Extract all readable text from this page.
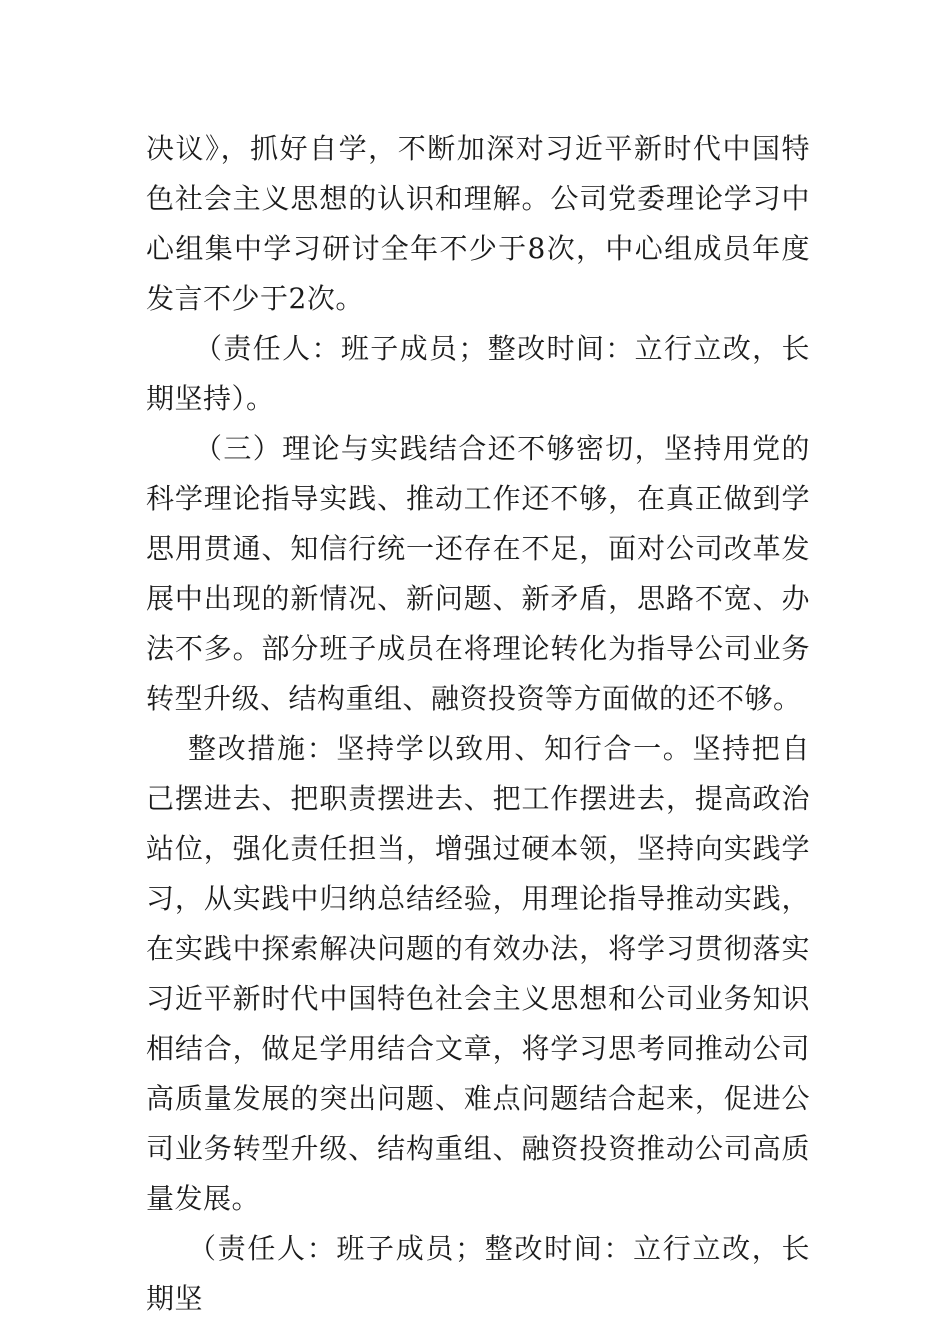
决议》，抓好自学，不断加深对习近平新时代中国特色社会主义思想的认识和理解。公司党委理论学习中心组集中学习研讨全年不少于8次，中心组成员年度发言不少于2次。

（责任人：班子成员；整改时间：立行立改，长期坚持）。

（三）理论与实践结合还不够密切，坚持用党的科学理论指导实践、推动工作还不够，在真正做到学思用贯通、知信行统一还存在不足，面对公司改革发展中出现的新情况、新问题、新矛盾，思路不宽、办法不多。部分班子成员在将理论转化为指导公司业务转型升级、结构重组、融资投资等方面做的还不够。

整改措施：坚持学以致用、知行合一。坚持把自己摆进去、把职责摆进去、把工作摆进去，提高政治站位，强化责任担当，增强过硬本领，坚持向实践学习，从实践中归纳总结经验，用理论指导推动实践，在实践中探索解决问题的有效办法，将学习贯彻落实习近平新时代中国特色社会主义思想和公司业务知识相结合，做足学用结合文章，将学习思考同推动公司高质量发展的突出问题、难点问题结合起来，促进公司业务转型升级、结构重组、融资投资推动公司高质量发展。

（责任人：班子成员；整改时间：立行立改，长期坚
